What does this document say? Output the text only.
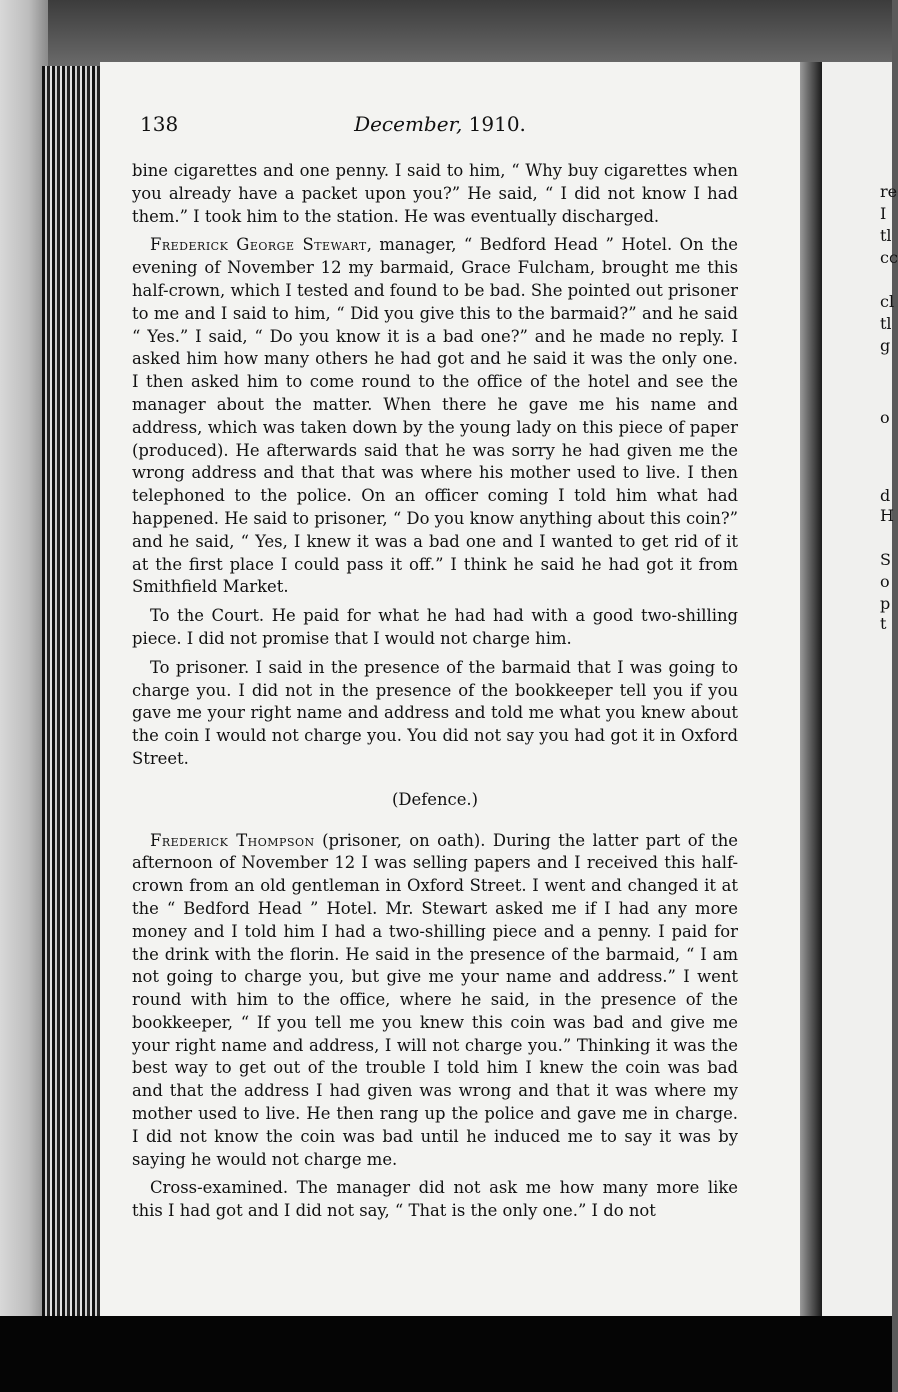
138	December, 1910.

bine cigarettes and one penny. I said to him, “ Why buy cigarettes when you already have a packet upon you?” He said, “ I did not know I had them.” I took him to the station. He was eventually discharged.

Frederick George Stewart, manager, “ Bedford Head ” Hotel. On the evening of November 12 my barmaid, Grace Fulcham, brought me this half-crown, which I tested and found to be bad. She pointed out prisoner to me and I said to him, “ Did you give this to the barmaid?” and he said “ Yes.” I said, “ Do you know it is a bad one?” and he made no reply. I asked him how many others he had got and he said it was the only one. I then asked him to come round to the office of the hotel and see the manager about the matter. When there he gave me his name and address, which was taken down by the young lady on this piece of paper (produced). He afterwards said that he was sorry he had given me the wrong address and that that was where his mother used to live. I then telephoned to the police. On an officer coming I told him what had happened. He said to prisoner, “ Do you know anything about this coin?” and he said, “ Yes, I knew it was a bad one and I wanted to get rid of it at the first place I could pass it off.” I think he said he had got it from Smithfield Market.

To the Court. He paid for what he had had with a good two-shilling piece. I did not promise that I would not charge him.

To prisoner. I said in the presence of the barmaid that I was going to charge you. I did not in the presence of the bookkeeper tell you if you gave me your right name and address and told me what you knew about the coin I would not charge you. You did not say you had got it in Oxford Street.

(Defence.)

Frederick Thompson (prisoner, on oath). During the latter part of the afternoon of November 12 I was selling papers and I received this half-crown from an old gentleman in Oxford Street. I went and changed it at the “ Bedford Head ” Hotel. Mr. Stewart asked me if I had any more money and I told him I had a two-shilling piece and a penny. I paid for the drink with the florin. He said in the presence of the barmaid, “ I am not going to charge you, but give me your name and address.” I went round with him to the office, where he said, in the presence of the bookkeeper, “ If you tell me you knew this coin was bad and give me your right name and address, I will not charge you.” Thinking it was the best way to get out of the trouble I told him I knew the coin was bad and that the address I had given was wrong and that it was where my mother used to live. He then rang up the police and gave me in charge. I did not know the coin was bad until he induced me to say it was by saying he would not charge me.

Cross-examined. The manager did not ask me how many more like this I had got and I did not say, “ That is the only one.” I do not

re
I
tl
cc
cl
tl
g
o
d
H
S
o
p
t
